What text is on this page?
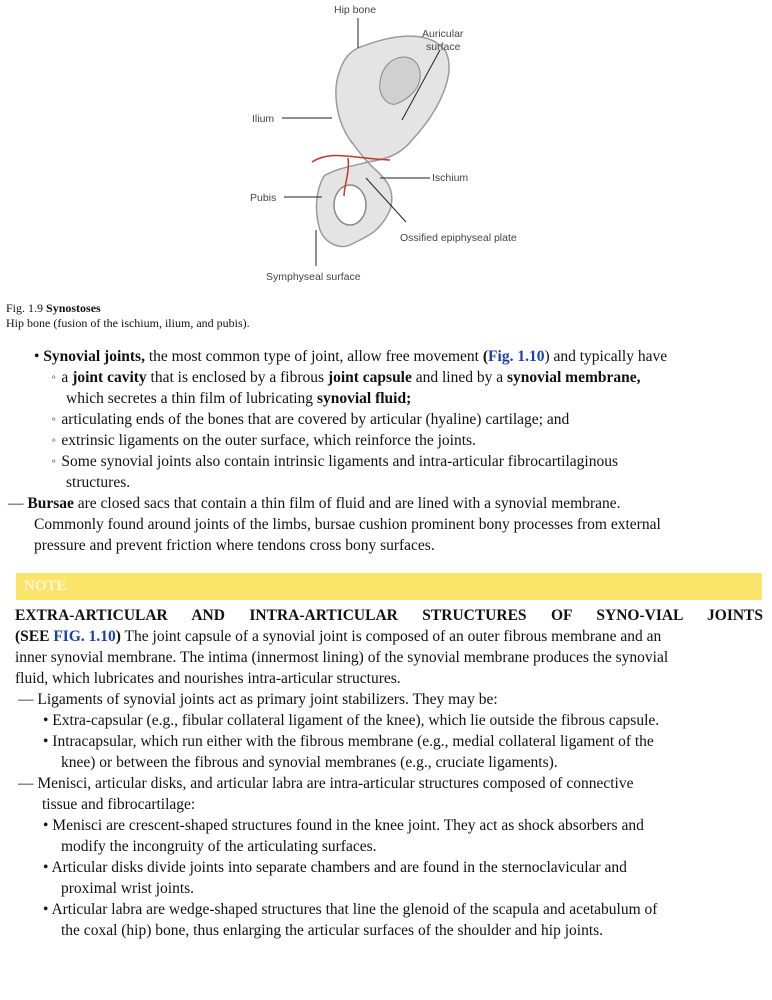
Hip bone
Auricular
surface
Ilium
Ischium
Pubis
Ossified epiphyseal plate
Symphyseal surface
Fig. 1.9 Synostoses
Hip bone (fusion of the ischium, ilium, and pubis).
• Synovial joints, the most common type of joint, allow free movement (Fig. 1.10) and typically have
⚬ a joint cavity that is enclosed by a fibrous joint capsule and lined by a synovial membrane,
which secretes a thin film of lubricating synovial fluid;
⚬ articulating ends of the bones that are covered by articular (hyaline) cartilage; and
⚬ extrinsic ligaments on the outer surface, which reinforce the joints.
⚬ Some synovial joints also contain intrinsic ligaments and intra-articular fibrocartilaginous
structures.
— Bursae are closed sacs that contain a thin film of fluid and are lined with a synovial membrane.
Commonly found around joints of the limbs, bursae cushion prominent bony processes from external
pressure and prevent friction where tendons cross bony surfaces.
NOTE
EXTRA-ARTICULAR AND INTRA-ARTICULAR STRUCTURES OF SYNO-VIAL JOINTS
(SEE FIG. 1.10) The joint capsule of a synovial joint is composed of an outer fibrous membrane and an
inner synovial membrane. The intima (innermost lining) of the synovial membrane produces the synovial
fluid, which lubricates and nourishes intra-articular structures.
— Ligaments of synovial joints act as primary joint stabilizers. They may be:
• Extra-capsular (e.g., fibular collateral ligament of the knee), which lie outside the fibrous capsule.
• Intracapsular, which run either with the fibrous membrane (e.g., medial collateral ligament of the
knee) or between the fibrous and synovial membranes (e.g., cruciate ligaments).
— Menisci, articular disks, and articular labra are intra-articular structures composed of connective
tissue and fibrocartilage:
• Menisci are crescent-shaped structures found in the knee joint. They act as shock absorbers and
modify the incongruity of the articulating surfaces.
• Articular disks divide joints into separate chambers and are found in the sternoclavicular and
proximal wrist joints.
• Articular labra are wedge-shaped structures that line the glenoid of the scapula and acetabulum of
the coxal (hip) bone, thus enlarging the articular surfaces of the shoulder and hip joints.
